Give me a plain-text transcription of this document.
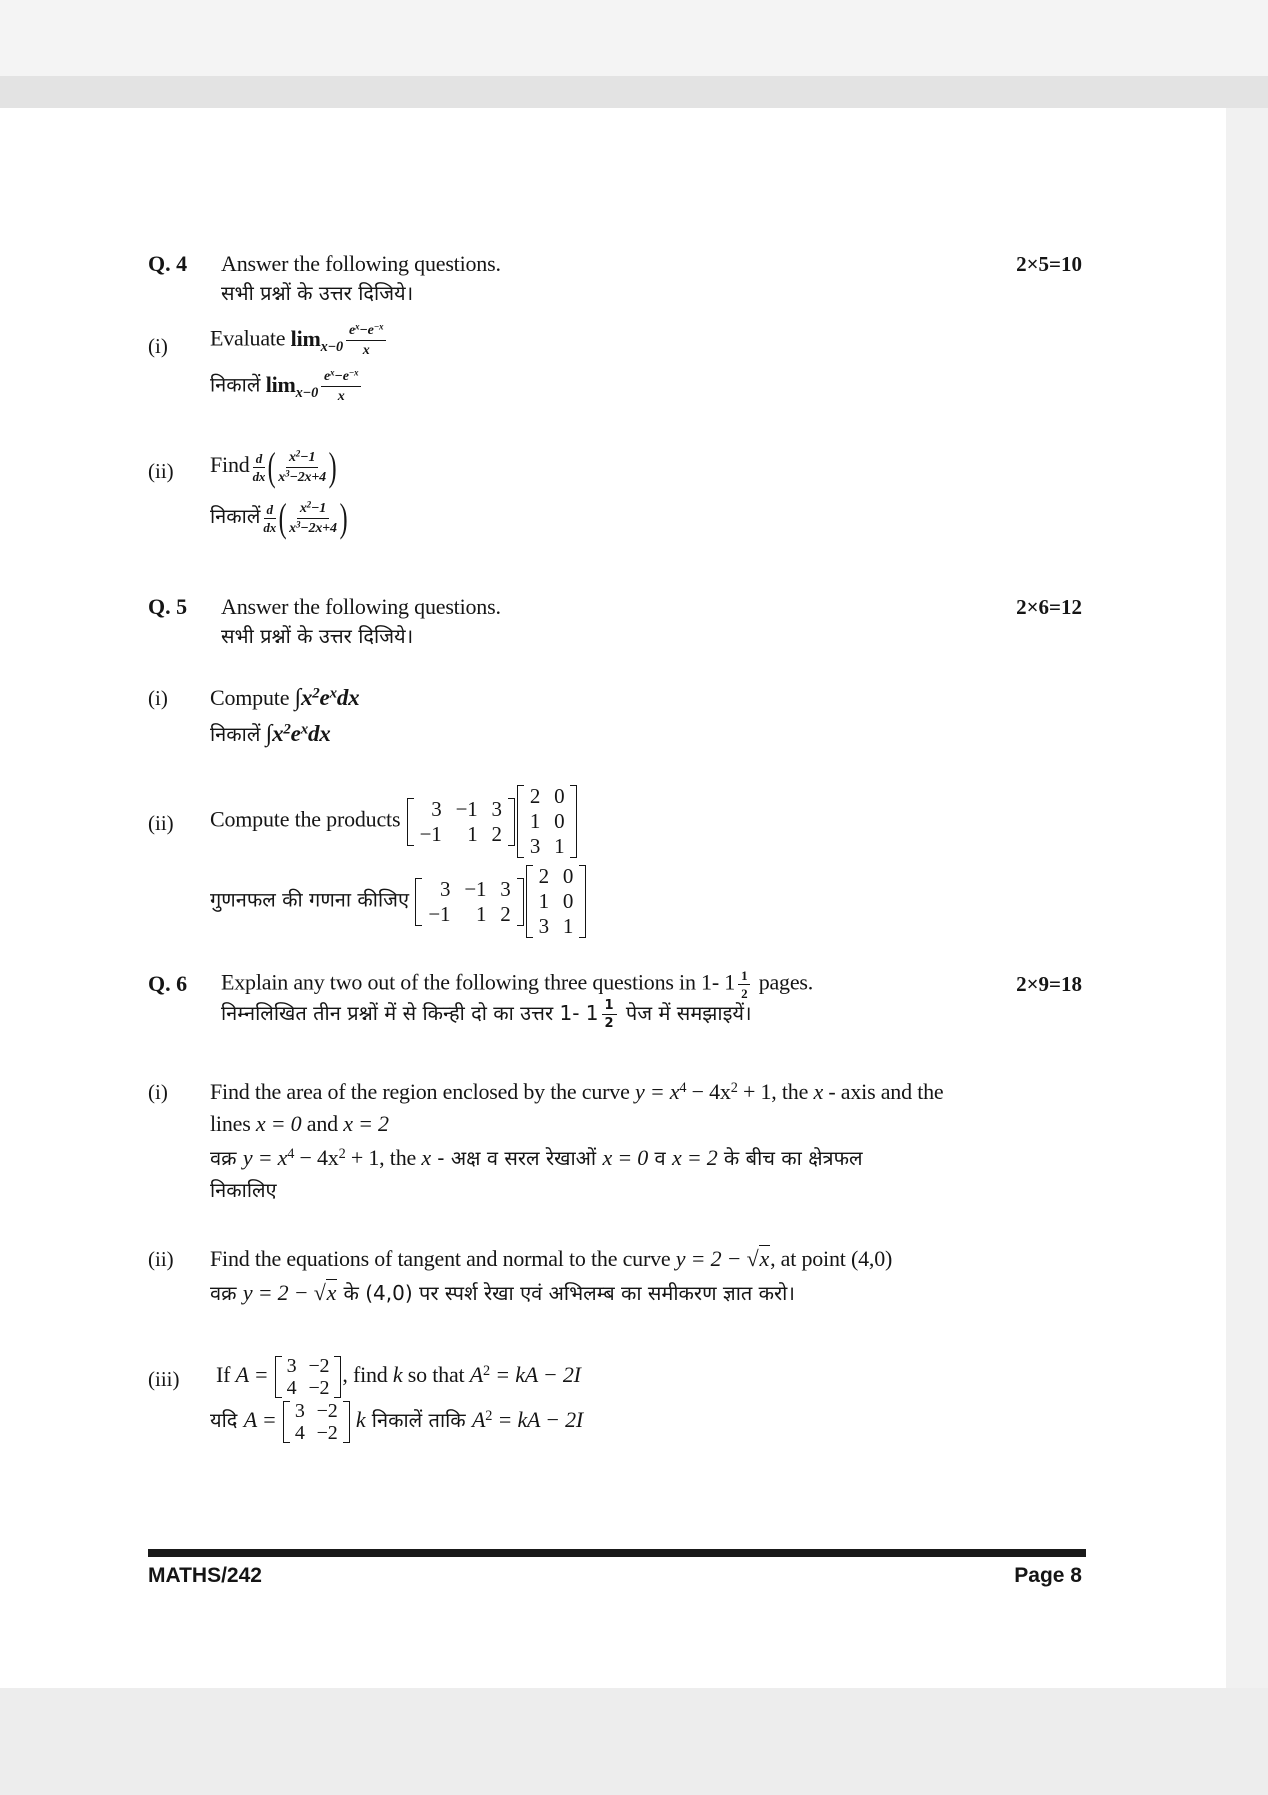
Q. 4 Answer the following questions.	2×5=10
सभी प्रश्नों के उत्तर दिजिये।
(i) Evaluate $\lim_{x-0} \frac{e^x-e^{-x}}{x}$
निकालें $\lim_{x-0} \frac{e^x-e^{-x}}{x}$
(ii) Find $\frac{d}{dx}$ ( $\frac{x^2-1}{x^3-2x+4}$ )
निकालें $\frac{d}{dx}$ ( $\frac{x^2-1}{x^3-2x+4}$ )
Q. 5 Answer the following questions.	2×6=12
सभी प्रश्नों के उत्तर दिजिये।
(i) Compute $\int x^2e^xdx$
निकालें $\int x^2e^xdx$
(ii) Compute the products 3	−1	3
−1	1	2
2	0
1	0
3	1
गुणनफल की गणना कीजिए 3	−1	3
−1	1	2
2	0
1	0
3	1
Q. 6 Explain any two out of the following three questions in 1- $1 \frac{1}{2}$ pages.	2×9=18
निम्नलिखित तीन प्रश्नों में से किन्ही दो का उत्तर 1- $1 \frac{1}{2}$ पेज में समझाइयें।
(i) Find the area of the region enclosed by the curve $y = x^4 - 4x^2 + 1$, the x - axis and the
lines x = 0 and x = 2
वक्र $y = x^4 - 4x^2 + 1$, the x - अक्ष व सरल रेखाओं x = 0 व x = 2 के बीच का क्षेत्रफल
निकालिए
(ii) Find the equations of tangent and normal to the curve y = 2 − √x, at point (4,0)
वक्र y = 2 − √x के (4,0) पर स्पर्श रेखा एवं अभिलम्ब का समीकरण ज्ञात करो।
(iii) If A = 3	−2
4	−2
, find k so that $A^2$ = kA − 2I
यदि A = 3	−2
4	−2
k निकालें ताकि $A^2$ = kA − 2I
MATHS/242	Page 8
